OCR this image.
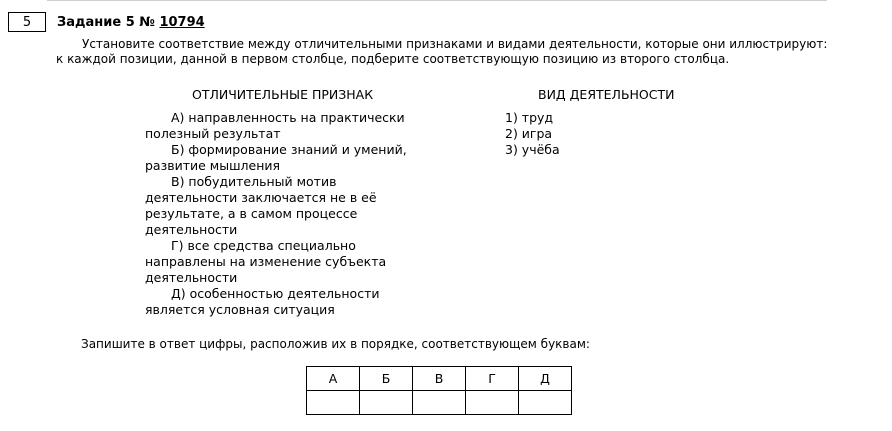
5	Задание 5 № 10794
Установите соответствие между отличительными признаками и видами деятельности, которые они иллюстрируют: к каждой позиции, данной в первом столбце, подберите соответствующую позицию из второго столбца.
ОТЛИЧИТЕЛЬНЫЕ ПРИЗНАК	ВИД ДЕЯТЕЛЬНОСТИ

А) направленность на практически полезный результат

Б) формирование знаний и умений, развитие мышления

В) побудительный мотив деятельности заключается не в её результате, а в самом процессе деятельности

Г) все средства специально направлены на изменение субъекта деятельности

Д) особенностью деятельности является условная ситуация

1) труд
2) игра
3) учёба
Запишите в ответ цифры, расположив их в порядке, соответствующем буквам:
А	Б	В	Г	Д
